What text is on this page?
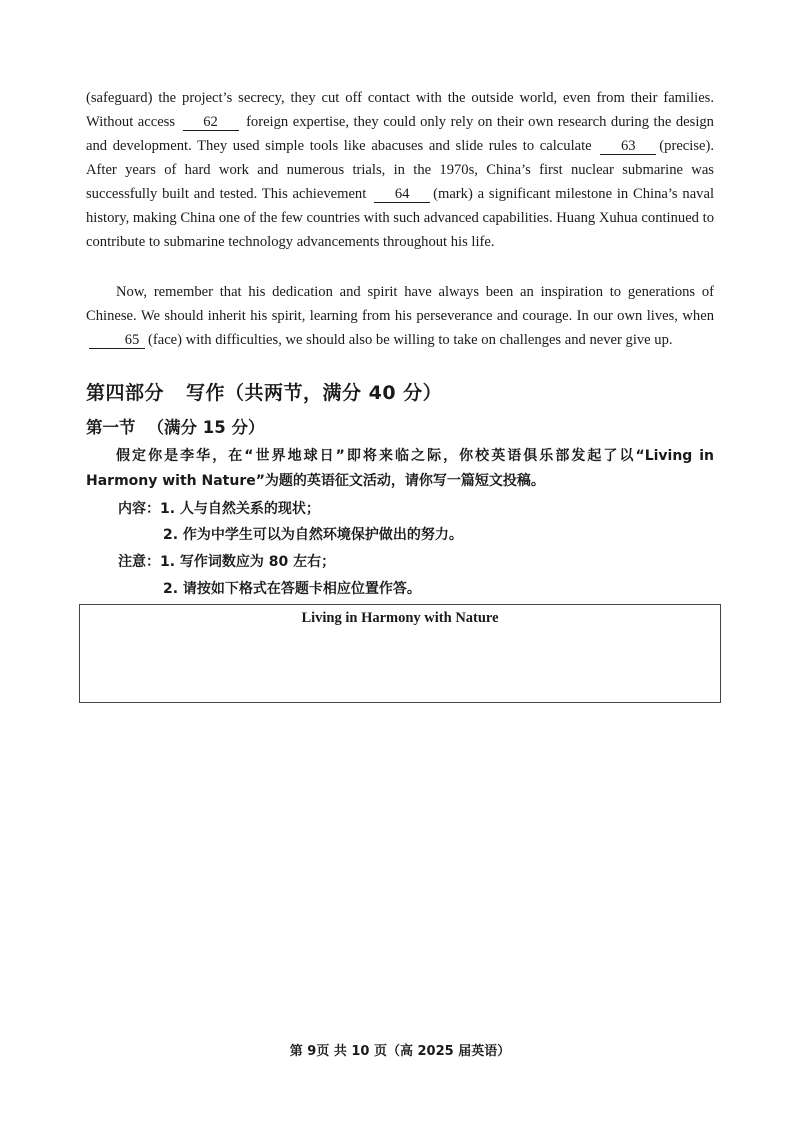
(safeguard) the project’s secrecy, they cut off contact with the outside world, even from their families. Without access 62 foreign expertise, they could only rely on their own research during the design and development. They used simple tools like abacuses and slide rules to calculate 63 (precise). After years of hard work and numerous trials, in the 1970s, China’s first nuclear submarine was successfully built and tested. This achievement 64 (mark) a significant milestone in China’s naval history, making China one of the few countries with such advanced capabilities. Huang Xuhua continued to contribute to submarine technology advancements throughout his life.

Now, remember that his dedication and spirit have always been an inspiration to generations of Chinese. We should inherit his spirit, learning from his perseverance and courage. In our own lives, when 65 (face) with difficulties, we should also be willing to take on challenges and never give up.

第四部分 写作（共两节，满分 40 分）
第一节 （满分 15 分）

假定你是李华，在“世界地球日”即将来临之际，你校英语俱乐部发起了以“Living in Harmony with Nature”为题的英语征文活动，请你写一篇短文投稿。

内容：1. 人与自然关系的现状；

2. 作为中学生可以为自然环境保护做出的努力。

注意：1. 写作词数应为 80 左右；

2. 请按如下格式在答题卡相应位置作答。

Living in Harmony with Nature
第 9页 共 10 页（高 2025 届英语）
